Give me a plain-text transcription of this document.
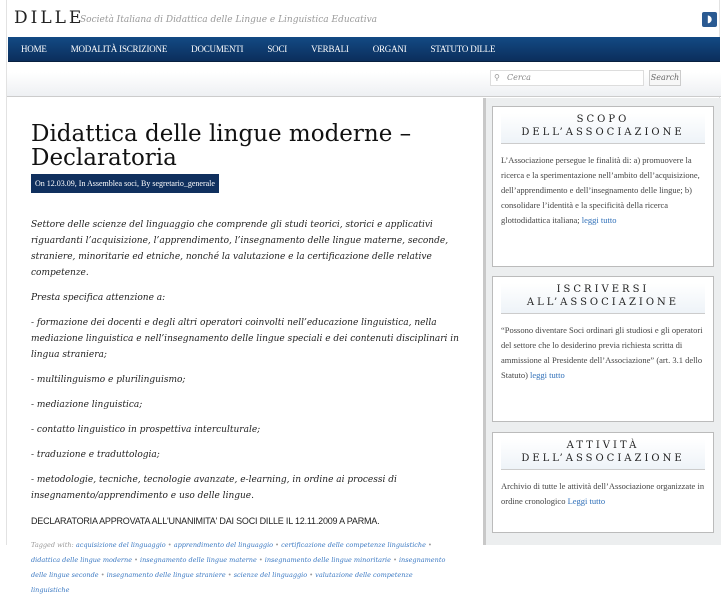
DILLE
Società Italiana di Didattica delle Lingue e Linguistica Educativa	◗
HOME	MODALITÀ ISCRIZIONE	DOCUMENTI	SOCI	VERBALI	ORGANI	STATUTO DILLE
⚲ Cerca	Search
Didattica delle lingue moderne – Declaratoria
On 12.03.09, In Assemblea soci, By segretario_generale

Settore delle scienze del linguaggio che comprende gli studi teorici, storici e applicativi riguardanti l’acquisizione, l’apprendimento, l’insegnamento delle lingue materne, seconde, straniere, minoritarie ed etniche, nonché la valutazione e la certificazione delle relative competenze.

Presta specifica attenzione a:

- formazione dei docenti e degli altri operatori coinvolti nell’educazione linguistica, nella mediazione linguistica e nell’insegnamento delle lingue speciali e dei contenuti disciplinari in lingua straniera;

- multilinguismo e plurilinguismo;

- mediazione linguistica;

- contatto linguistico in prospettiva interculturale;

- traduzione e traduttologia;

- metodologie, tecniche, tecnologie avanzate, e-learning, in ordine ai processi di insegnamento/apprendimento e uso delle lingue.

DECLARATORIA APPROVATA ALL'UNANIMITA' DAI SOCI DILLE IL 12.11.2009 A PARMA.

Tagged with: acquisizione del linguaggio • apprendimento del linguaggio • certificazione delle competenze linguistiche • didattica delle lingue moderne • insegnamento delle lingue materne • insegnamento delle lingue minoritarie • insegnamento delle lingue seconde • insegnamento delle lingue straniere • scienze del linguaggio • valutazione delle competenze linguistiche
SCOPO
DELL’ASSOCIAZIONE

L’Associazione persegue le finalità di: a) promuovere la ricerca e la sperimentazione nell’ambito dell’acquisizione, dell’apprendimento e dell’insegnamento delle lingue; b) consolidare l’identità e la specificità della ricerca glottodidattica italiana; leggi tutto

ISCRIVERSI
ALL’ASSOCIAZIONE

“Possono diventare Soci ordinari gli studiosi e gli operatori del settore che lo desiderino previa richiesta scritta di ammissione al Presidente dell’Associazione” (art. 3.1 dello Statuto) leggi tutto

ATTIVITÀ
DELL’ASSOCIAZIONE

Archivio di tutte le attività dell’Associazione organizzate in ordine cronologico Leggi tutto
